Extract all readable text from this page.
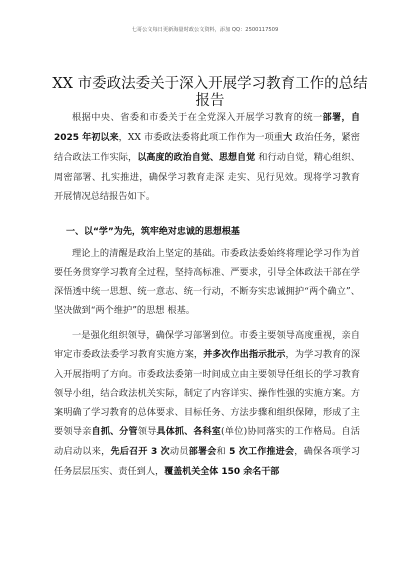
七哥公文每日更新海量时政公文资料，添加 QQ：2500117509
XX 市委政法委关于深入开展学习教育工作的总结报告
根据中央、省委和市委关于在全党深入开展学习教育的统一部署，自 2025 年初以来，XX 市委政法委将此项工作作为一项重大 政治任务，紧密结合政法工作实际，以高度的政治自觉、思想自觉 和行动自觉，精心组织、周密部署、扎实推进，确保学习教育走深 走实、见行见效。现将学习教育开展情况总结报告如下。
一、以“学”为先，筑牢绝对忠诚的思想根基
理论上的清醒是政治上坚定的基础。市委政法委始终将理论学习作为首要任务贯穿学习教育全过程，坚持高标准、严要求，引导全体政法干部在学深悟透中统一思想、统一意志、统一行动，不断夯实忠诚拥护“两个确立”、坚决做到“两个维护”的思想 根基。
一是强化组织领导，确保学习部署到位。市委主要领导高度重视，亲自审定市委政法委学习教育实施方案，并多次作出指示批示，为学习教育的深入开展指明了方向。市委政法委第一时间成立由主要领导任组长的学习教育领导小组，结合政法机关实际，制定了内容详实、操作性强的实施方案。方案明确了学习教育的总体要求、目标任务、方法步骤和组织保障，形成了主要领导亲自抓、分管领导具体抓、各科室(单位)协同落实的工作格局。自活动启动以来，先后召开 3 次动员部署会和 5 次工作推进会，确保各项学习任务层层压实、责任到人，覆盖机关全体 150 余名干部
